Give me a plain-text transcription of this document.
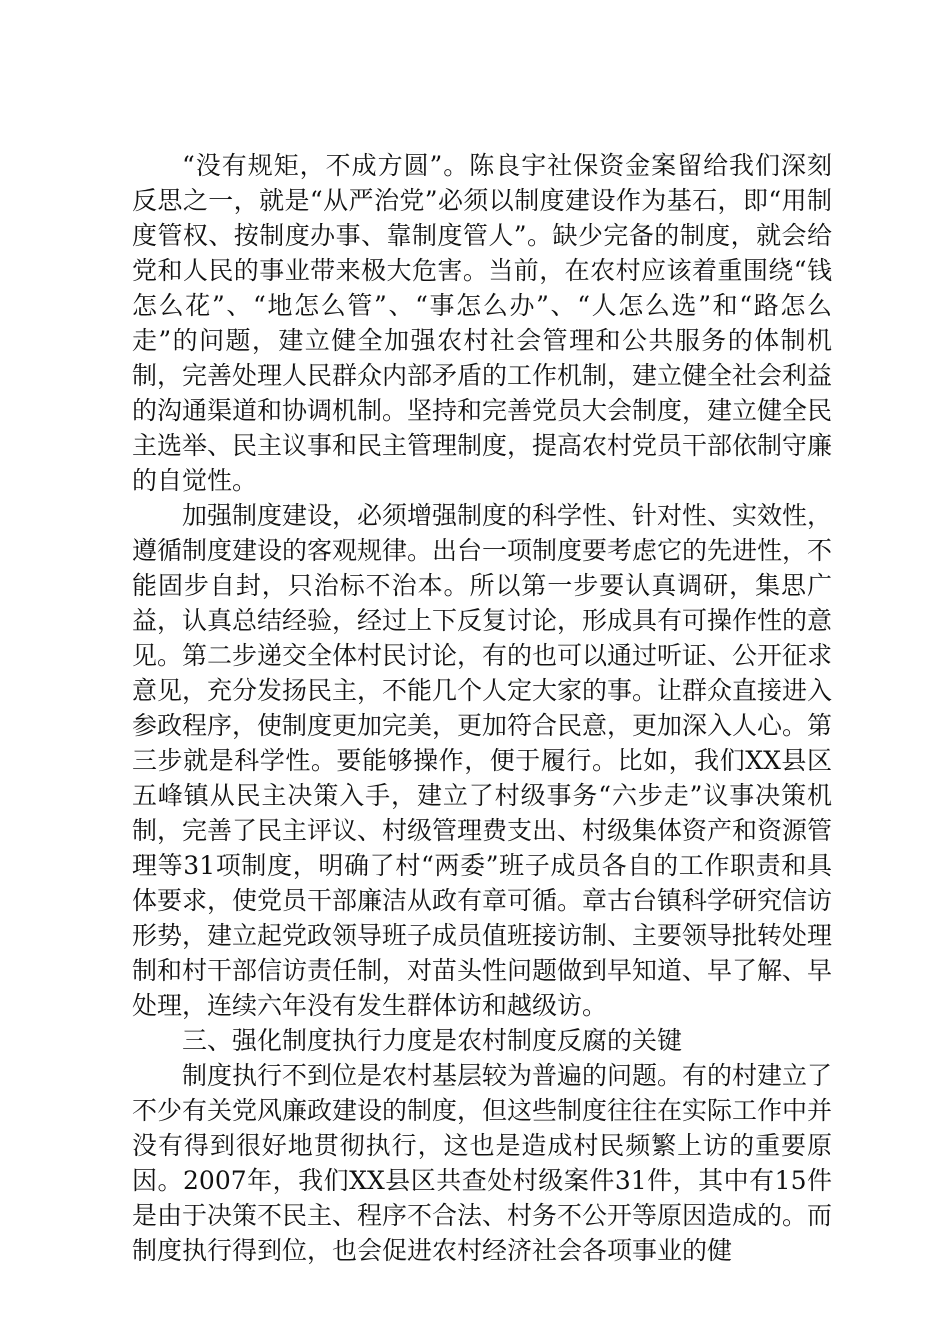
“没有规矩，不成方圆”。陈良宇社保资金案留给我们深刻反思之一，就是“从严治党”必须以制度建设作为基石，即“用制度管权、按制度办事、靠制度管人”。缺少完备的制度，就会给党和人民的事业带来极大危害。当前，在农村应该着重围绕“钱怎么花”、“地怎么管”、“事怎么办”、“人怎么选”和“路怎么走”的问题，建立健全加强农村社会管理和公共服务的体制机制，完善处理人民群众内部矛盾的工作机制，建立健全社会利益的沟通渠道和协调机制。坚持和完善党员大会制度，建立健全民主选举、民主议事和民主管理制度，提高农村党员干部依制守廉的自觉性。

加强制度建设，必须增强制度的科学性、针对性、实效性，遵循制度建设的客观规律。出台一项制度要考虑它的先进性，不能固步自封，只治标不治本。所以第一步要认真调研，集思广益，认真总结经验，经过上下反复讨论，形成具有可操作性的意见。第二步递交全体村民讨论，有的也可以通过听证、公开征求意见，充分发扬民主，不能几个人定大家的事。让群众直接进入参政程序，使制度更加完美，更加符合民意，更加深入人心。第三步就是科学性。要能够操作，便于履行。比如，我们XX县区五峰镇从民主决策入手，建立了村级事务“六步走”议事决策机制，完善了民主评议、村级管理费支出、村级集体资产和资源管理等31项制度，明确了村“两委”班子成员各自的工作职责和具体要求，使党员干部廉洁从政有章可循。章古台镇科学研究信访形势，建立起党政领导班子成员值班接访制、主要领导批转处理制和村干部信访责任制，对苗头性问题做到早知道、早了解、早处理，连续六年没有发生群体访和越级访。

三、强化制度执行力度是农村制度反腐的关键

制度执行不到位是农村基层较为普遍的问题。有的村建立了不少有关党风廉政建设的制度，但这些制度往往在实际工作中并没有得到很好地贯彻执行，这也是造成村民频繁上访的重要原因。2007年，我们XX县区共查处村级案件31件，其中有15件是由于决策不民主、程序不合法、村务不公开等原因造成的。而制度执行得到位，也会促进农村经济社会各项事业的健
